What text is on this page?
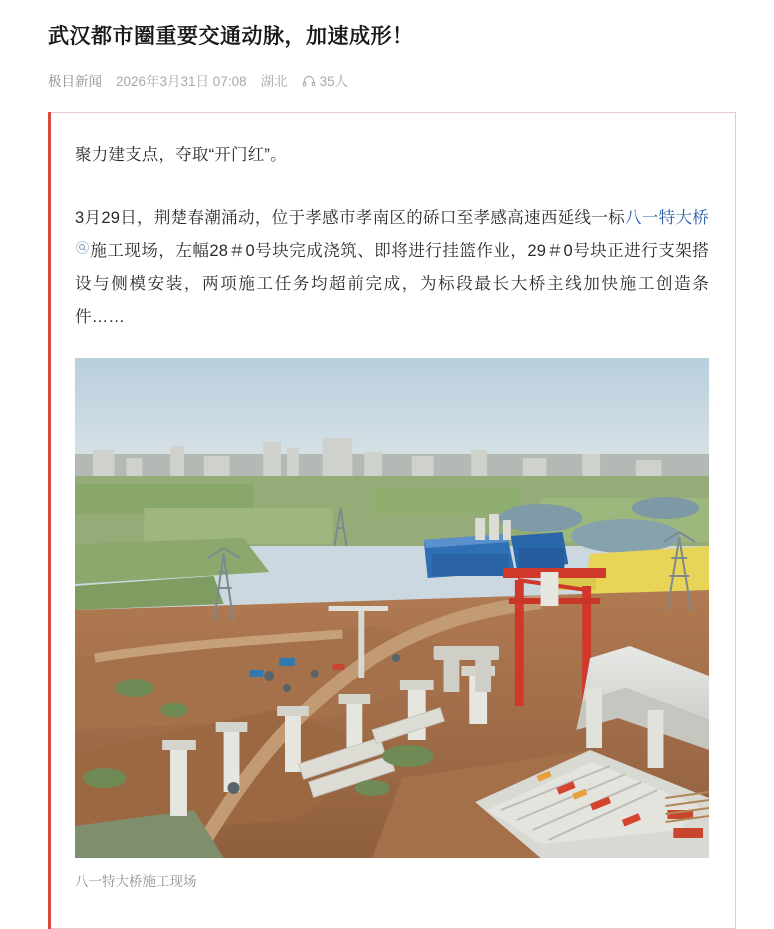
武汉都市圈重要交通动脉，加速成形！
极目新闻 2026年3月31日 07:08 湖北 35人

聚力建支点，夺取“开门红”。

3月29日，荆楚春潮涌动，位于孝感市孝南区的硚口至孝感高速西延线一标八一特大桥施工现场，左幅28＃0号块完成浇筑、即将进行挂篮作业，29＃0号块正进行支架搭设与侧模安装，两项施工任务均超前完成，为标段最长大桥主线加快施工创造条件……

八一特大桥施工现场
